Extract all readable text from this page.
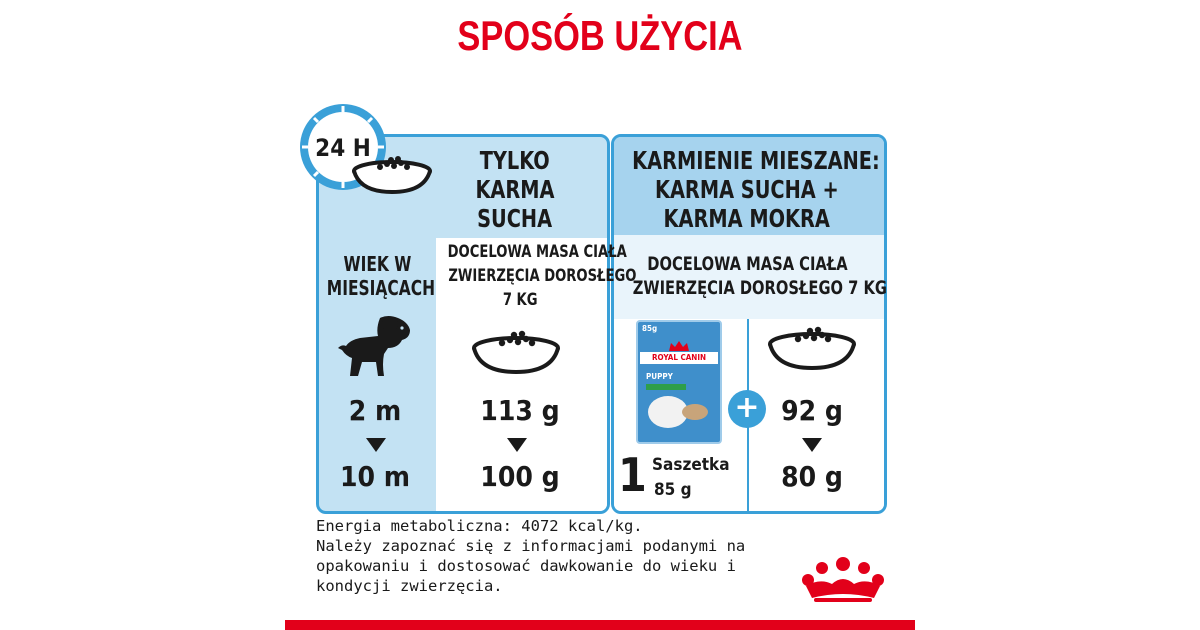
SPOSÓB UŻYCIA
24 H	TYLKO
KARMA
SUCHA
WIEK W
MIESIĄCACH
DOCELOWA MASA CIAŁA
ZWIERZĘCIA DOROSŁEGO
7 KG
2 m
10 m
113 g
100 g
KARMIENIE MIESZANE:
KARMA SUCHA +
KARMA MOKRA
DOCELOWA MASA CIAŁA
ZWIERZĘCIA DOROSŁEGO 7 KG
85g
ROYAL CANIN
PUPPY
1 Saszetka
85 g
+ 92 g
80 g
Energia metaboliczna: 4072 kcal/kg.
Należy zapoznać się z informacjami podanymi na
opakowaniu i dostosować dawkowanie do wieku i
kondycji zwierzęcia.
